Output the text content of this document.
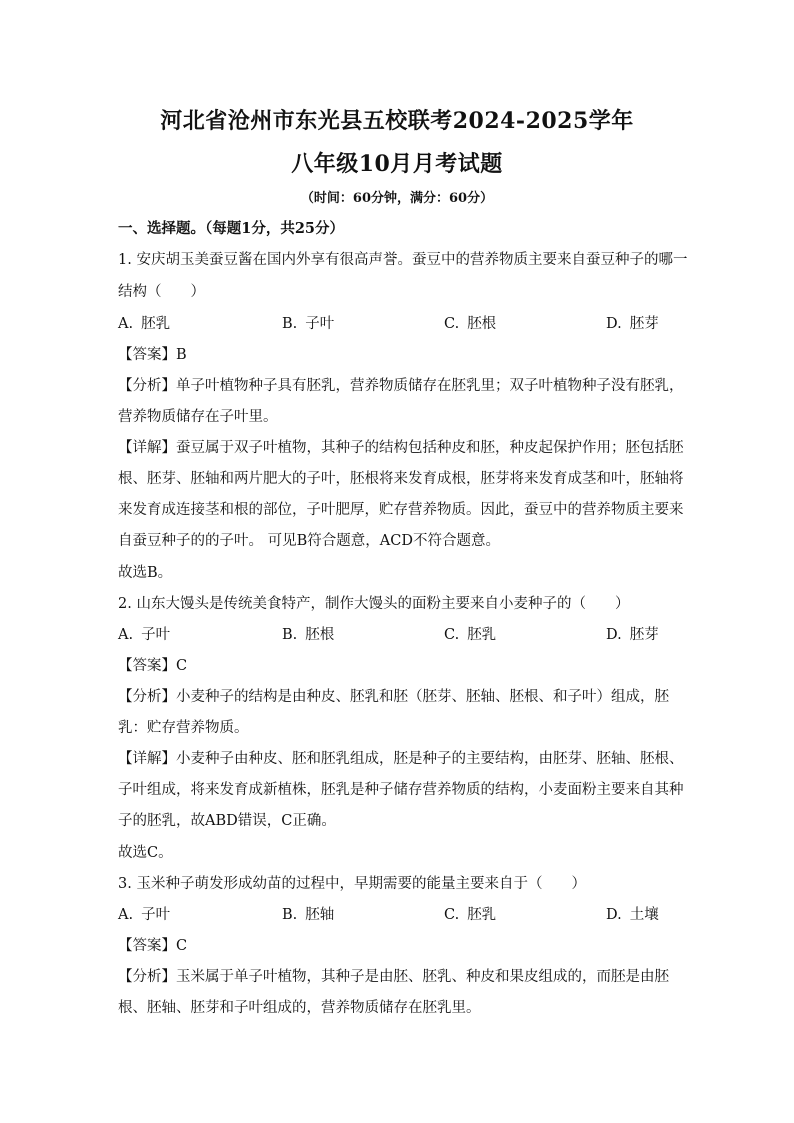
河北省沧州市东光县五校联考2024-2025学年
八年级10月月考试题
（时间：60分钟，满分：60分）
一、选择题。（每题1分，共25分）
1. 安庆胡玉美蚕豆酱在国内外享有很高声誉。蚕豆中的营养物质主要来自蚕豆种子的哪一
结构（　　）
A. 胚乳	B. 子叶	C. 胚根	D. 胚芽
【答案】B
【分析】单子叶植物种子具有胚乳，营养物质储存在胚乳里；双子叶植物种子没有胚乳，
营养物质储存在子叶里。
【详解】蚕豆属于双子叶植物，其种子的结构包括种皮和胚，种皮起保护作用；胚包括胚
根、胚芽、胚轴和两片肥大的子叶，胚根将来发育成根，胚芽将来发育成茎和叶，胚轴将
来发育成连接茎和根的部位，子叶肥厚，贮存营养物质。因此，蚕豆中的营养物质主要来
自蚕豆种子的的子叶。 可见B符合题意，ACD不符合题意。
故选B。
2. 山东大馒头是传统美食特产，制作大馒头的面粉主要来自小麦种子的（　　）
A. 子叶	B. 胚根	C. 胚乳	D. 胚芽
【答案】C
【分析】小麦种子的结构是由种皮、胚乳和胚（胚芽、胚轴、胚根、和子叶）组成，胚
乳：贮存营养物质。
【详解】小麦种子由种皮、胚和胚乳组成，胚是种子的主要结构，由胚芽、胚轴、胚根、
子叶组成，将来发育成新植株，胚乳是种子储存营养物质的结构，小麦面粉主要来自其种
子的胚乳，故ABD错误，C正确。
故选C。
3. 玉米种子萌发形成幼苗的过程中，早期需要的能量主要来自于（　　）
A. 子叶	B. 胚轴	C. 胚乳	D. 土壤
【答案】C
【分析】玉米属于单子叶植物，其种子是由胚、胚乳、种皮和果皮组成的，而胚是由胚
根、胚轴、胚芽和子叶组成的，营养物质储存在胚乳里。
